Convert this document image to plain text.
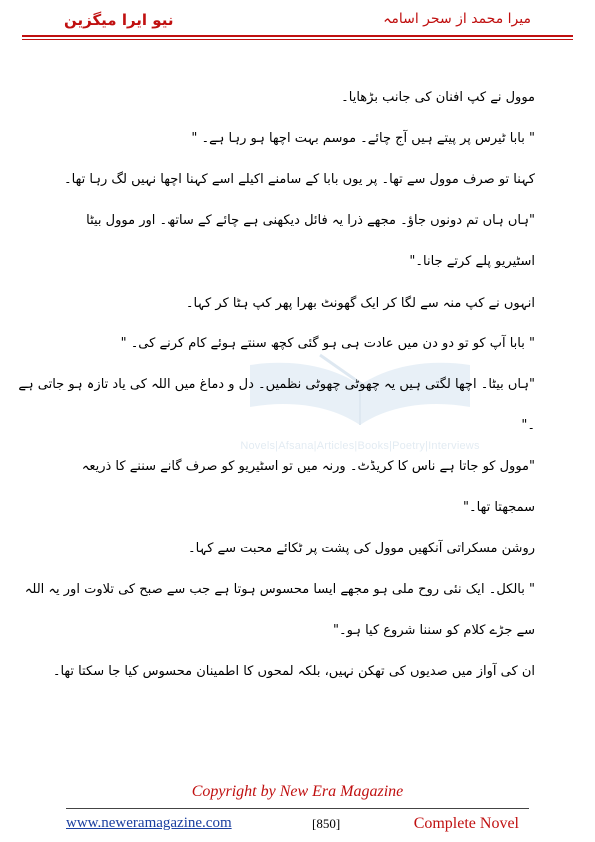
نیو ایرا میگزین	میرا محمد از سحر اسامہ
Novels|Afsana|Articles|Books|Poetry|Interviews
موول نے کپ افنان کی جانب بڑھایا۔
" بابا ٹیرس پر پیتے ہیں آج چائے۔ موسم بہت اچھا ہو رہا ہے۔ "
کہنا تو صرف موول سے تھا۔ پر یوں بابا کے سامنے اکیلے اسے کہنا اچھا نہیں لگ رہا تھا۔
"ہاں ہاں تم دونوں جاؤ۔ مجھے ذرا یہ فائل دیکھنی ہے چائے کے ساتھ۔ اور موول بیٹا
اسٹیریو پلے کرتے جانا۔"
انہوں نے کپ منہ سے لگا کر ایک گھونٹ بھرا پھر کپ ہٹا کر کہا۔
" بابا آپ کو تو دو دن میں عادت ہی ہو گئی کچھ سنتے ہوئے کام کرنے کی۔ "
"ہاں بیٹا۔ اچھا لگتی ہیں یہ چھوٹی چھوٹی نظمیں۔ دل و دماغ میں اللہ کی یاد تازہ ہو جاتی ہے
۔"
"موول کو جاتا ہے ناس کا کریڈٹ۔ ورنہ میں تو اسٹیریو کو صرف گانے سننے کا ذریعہ
سمجھتا تھا۔"
روشن مسکراتی آنکھیں موول کی پشت پر ٹکائے محبت سے کہا۔
" بالکل۔ ایک نئی روح ملی ہو مجھے ایسا محسوس ہوتا ہے جب سے صبح کی تلاوت اور یہ اللہ
سے جڑے کلام کو سننا شروع کیا ہو۔"
ان کی آواز میں صدیوں کی تھکن نہیں، بلکہ لمحوں کا اطمینان محسوس کیا جا سکتا تھا۔
Copyright by New Era Magazine
www.neweramagazine.com	[850]	Complete Novel
